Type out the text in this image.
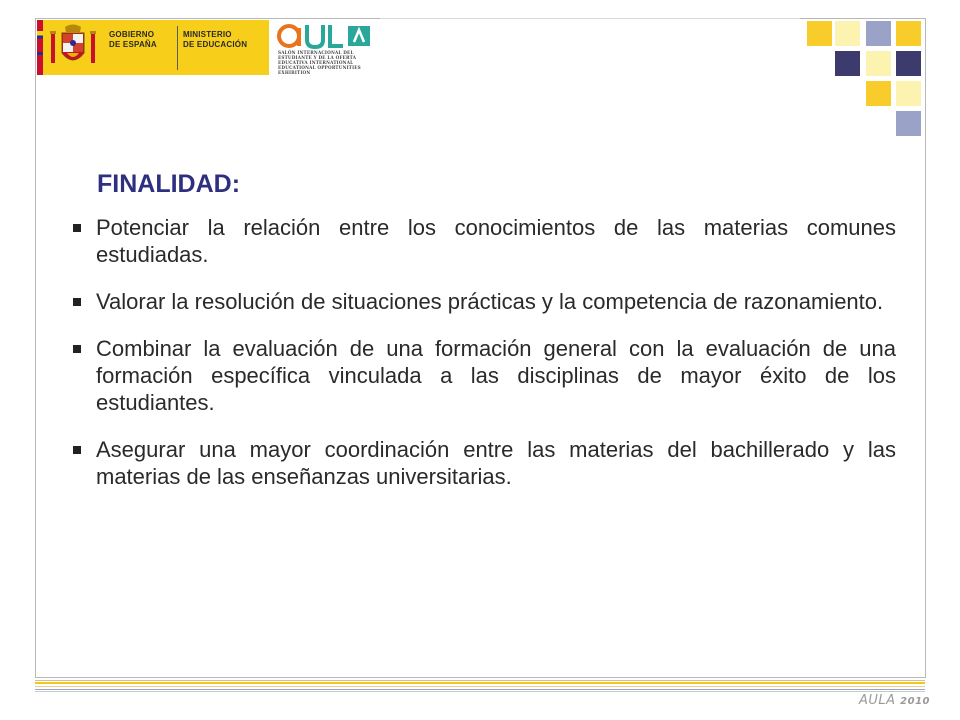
GOBIERNO
DE ESPAÑA
MINISTERIO
DE EDUCACIÓN
SALÓN INTERNACIONAL DEL ESTUDIANTE Y DE LA OFERTA EDUCATIVA INTERNATIONAL EDUCATIONAL OPPORTUNITIES EXHIBITION
FINALIDAD:
Potenciar la relación entre los conocimientos de las materias comunes estudiadas.
Valorar la resolución de situaciones prácticas y la competencia de razonamiento.
Combinar la evaluación de una formación general con la evaluación de una formación específica vinculada a las disciplinas de mayor éxito de los estudiantes.
Asegurar una mayor coordinación entre las materias del bachillerado y las materias de las enseñanzas universitarias.
AULA 2010
